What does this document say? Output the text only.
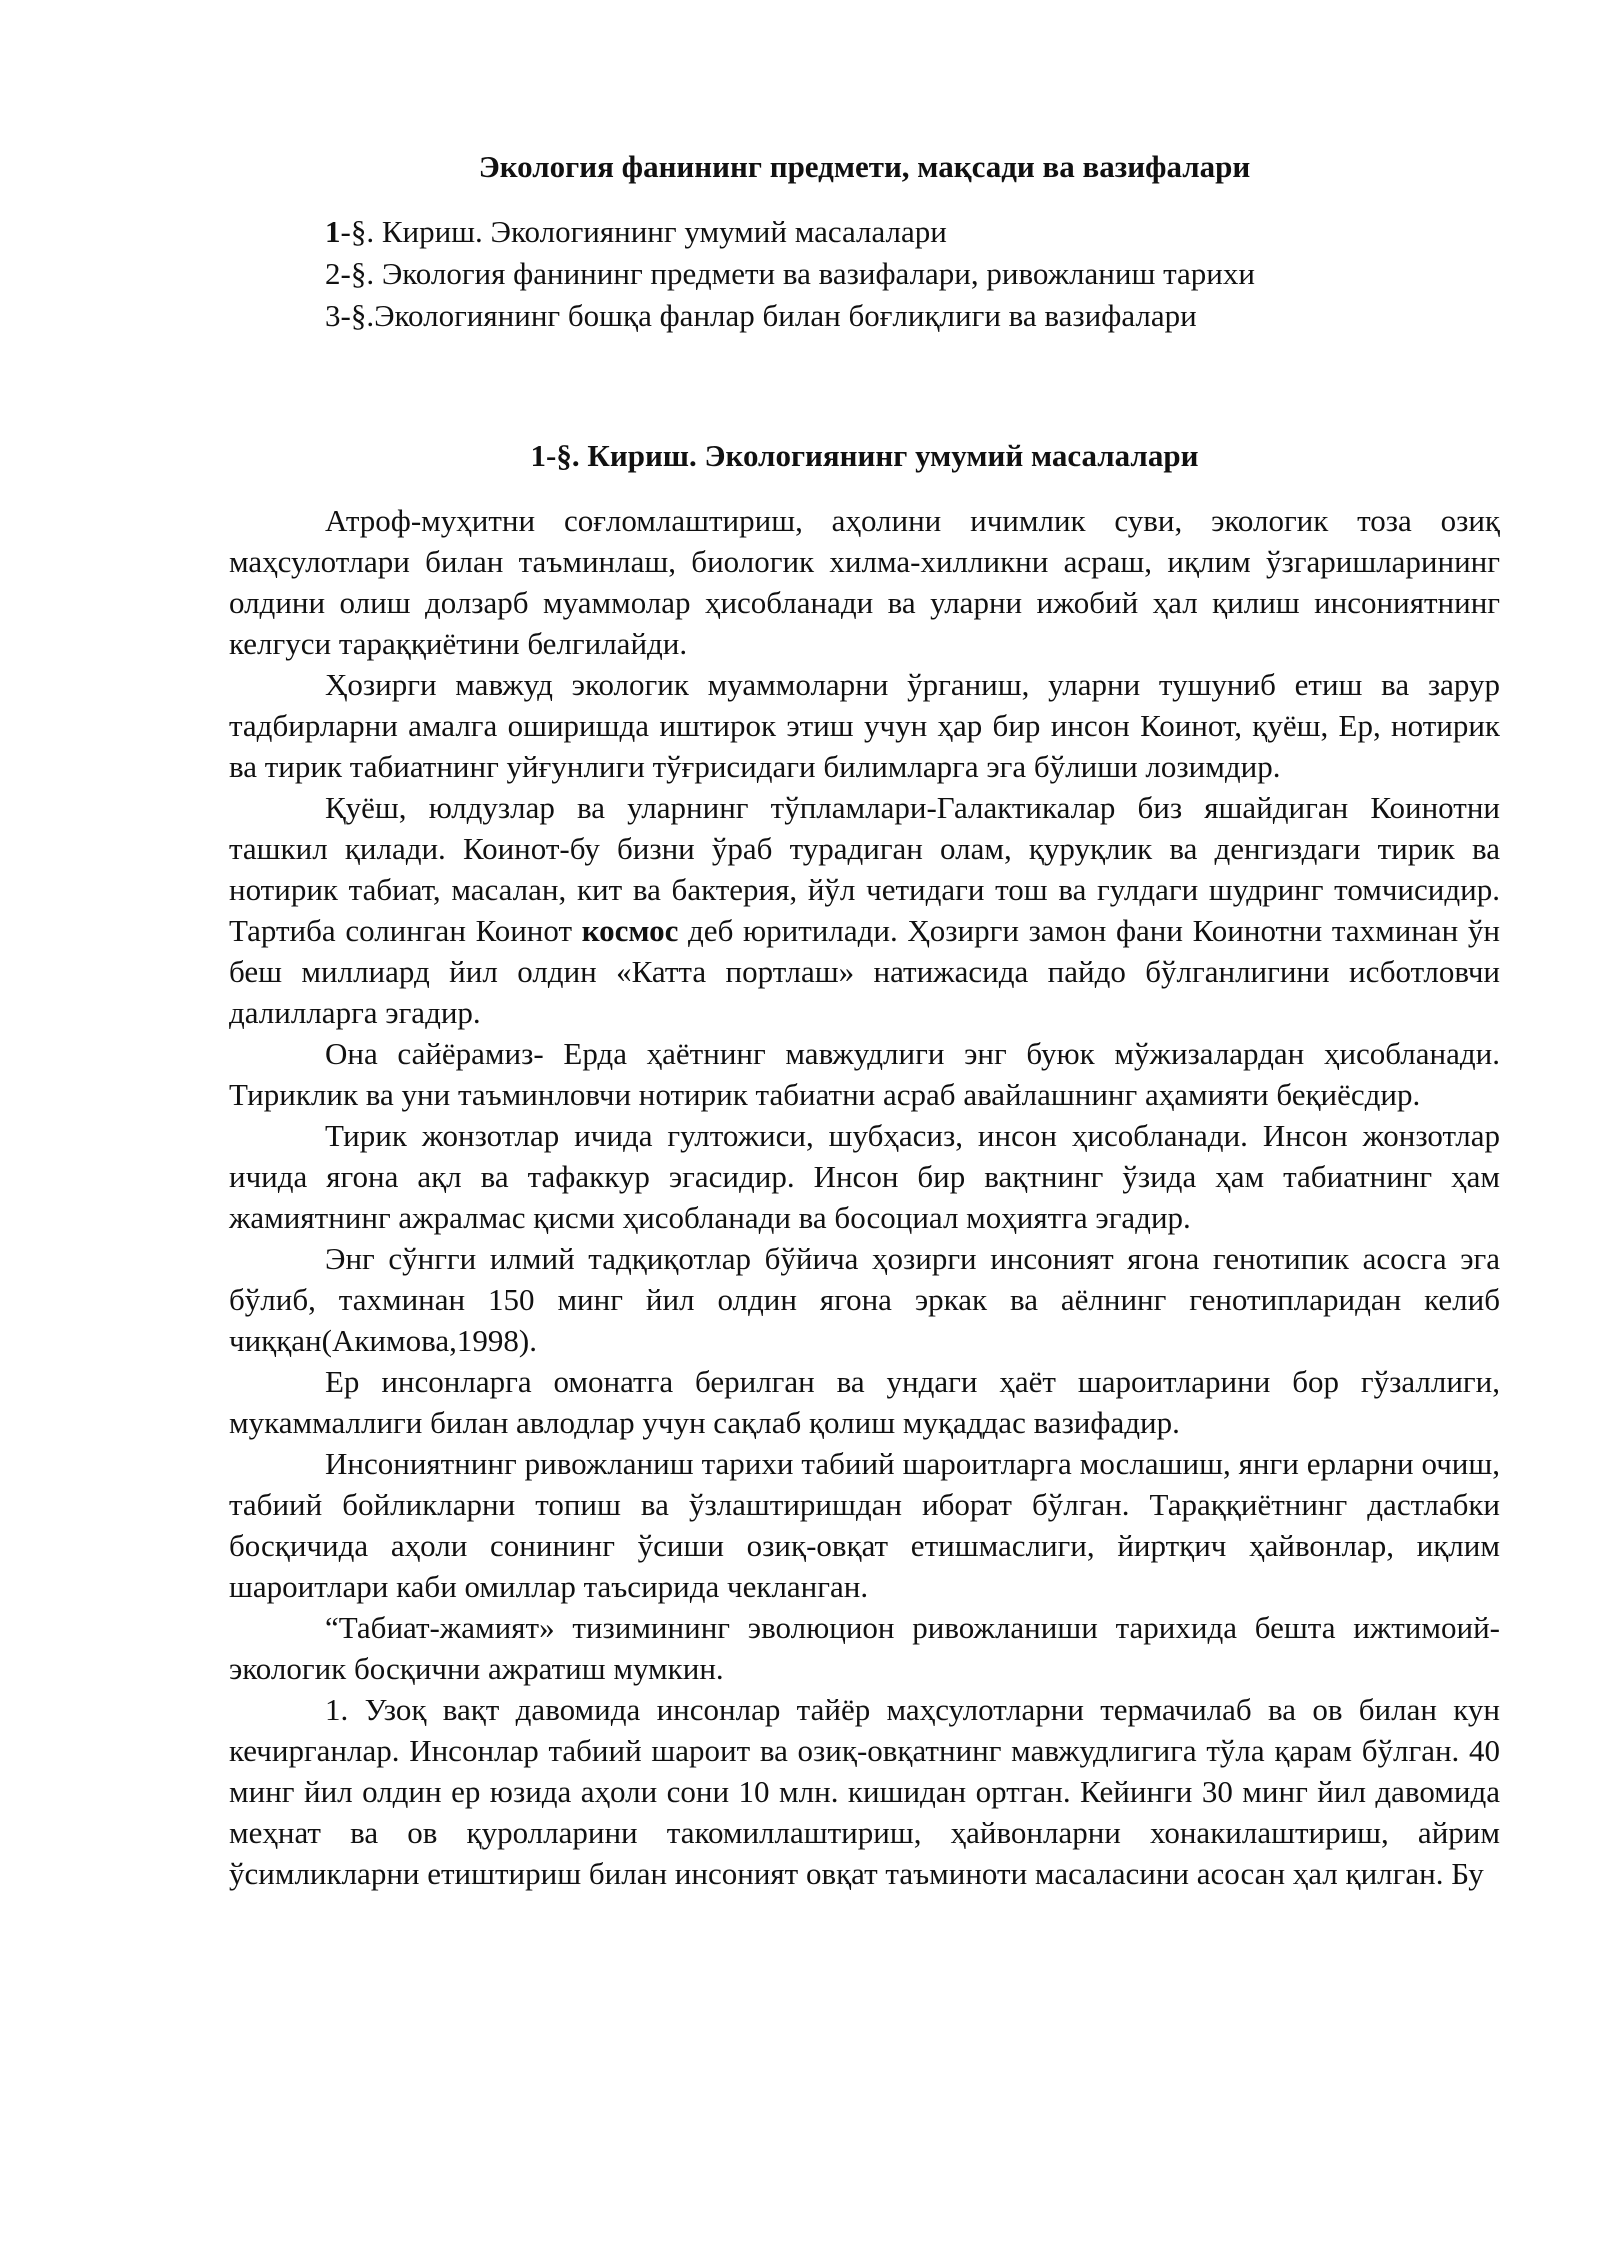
Экология фанининг предмети, мақсади ва вазифалари
1-§. Кириш. Экологиянинг умумий масалалари
2-§. Экология фанининг предмети ва вазифалари, ривожланиш тарихи
3-§.Экологиянинг бошқа фанлар билан боғлиқлиги ва вазифалари
1-§. Кириш. Экологиянинг умумий масалалари

Атроф-муҳитни соғломлаштириш, аҳолини ичимлик суви, экологик тоза озиқ маҳсулотлари билан таъминлаш, биологик хилма-хилликни асраш, иқлим ўзгаришларининг олдини олиш долзарб муаммолар ҳисобланади ва уларни ижобий ҳал қилиш инсониятнинг келгуси тараққиётини белгилайди.

Ҳозирги мавжуд экологик муаммоларни ўрганиш, уларни тушуниб етиш ва зарур тадбирларни амалга оширишда иштирок этиш учун ҳар бир инсон Коинот, қуёш, Ер, нотирик ва тирик табиатнинг уйғунлиги тўғрисидаги билимларга эга бўлиши лозимдир.

Қуёш, юлдузлар ва уларнинг тўпламлари-Галактикалар биз яшайдиган Коинотни ташкил қилади. Коинот-бу бизни ўраб турадиган олам, қуруқлик ва денгиздаги тирик ва нотирик табиат, масалан, кит ва бактерия, йўл четидаги тош ва гулдаги шудринг томчисидир. Тартиба солинган Коинот космос деб юритилади. Ҳозирги замон фани Коинотни тахминан ўн беш миллиард йил олдин «Катта портлаш» натижасида пайдо бўлганлигини исботловчи далилларга эгадир.

Она сайёрамиз- Ерда ҳаётнинг мавжудлиги энг буюк мўжизалардан ҳисобланади. Тириклик ва уни таъминловчи нотирик табиатни асраб авайлашнинг аҳамияти беқиёсдир.

Тирик жонзотлар ичида гултожиси, шубҳасиз, инсон ҳисобланади. Инсон жонзотлар ичида ягона ақл ва тафаккур эгасидир. Инсон бир вақтнинг ўзида ҳам табиатнинг ҳам жамиятнинг ажралмас қисми ҳисобланади ва босоциал моҳиятга эгадир.

Энг сўнгги илмий тадқиқотлар бўйича ҳозирги инсоният ягона генотипик асосга эга бўлиб, тахминан 150 минг йил олдин ягона эркак ва аёлнинг генотипларидан келиб чиққан(Акимова,1998).

Ер инсонларга омонатга берилган ва ундаги ҳаёт шароитларини бор гўзаллиги, мукаммаллиги билан авлодлар учун сақлаб қолиш муқаддас вазифадир.

Инсониятнинг ривожланиш тарихи табиий шароитларга мослашиш, янги ерларни очиш, табиий бойликларни топиш ва ўзлаштиришдан иборат бўлган. Тараққиётнинг дастлабки босқичида аҳоли сонининг ўсиши озиқ-овқат етишмаслиги, йиртқич ҳайвонлар, иқлим шароитлари каби омиллар таъсирида чекланган.

“Табиат-жамият» тизимининг эволюцион ривожланиши тарихида бешта ижтимоий-экологик босқични ажратиш мумкин.

1. Узоқ вақт давомида инсонлар тайёр маҳсулотларни термачилаб ва ов билан кун кечирганлар. Инсонлар табиий шароит ва озиқ-овқатнинг мавжудлигига тўла қарам бўлган. 40 минг йил олдин ер юзида аҳоли сони 10 млн. кишидан ортган. Кейинги 30 минг йил давомида меҳнат ва ов қуролларини такомиллаштириш, ҳайвонларни хонакилаштириш, айрим ўсимликларни етиштириш билан инсоният овқат таъминоти масаласини асосан ҳал қилган. Бу
